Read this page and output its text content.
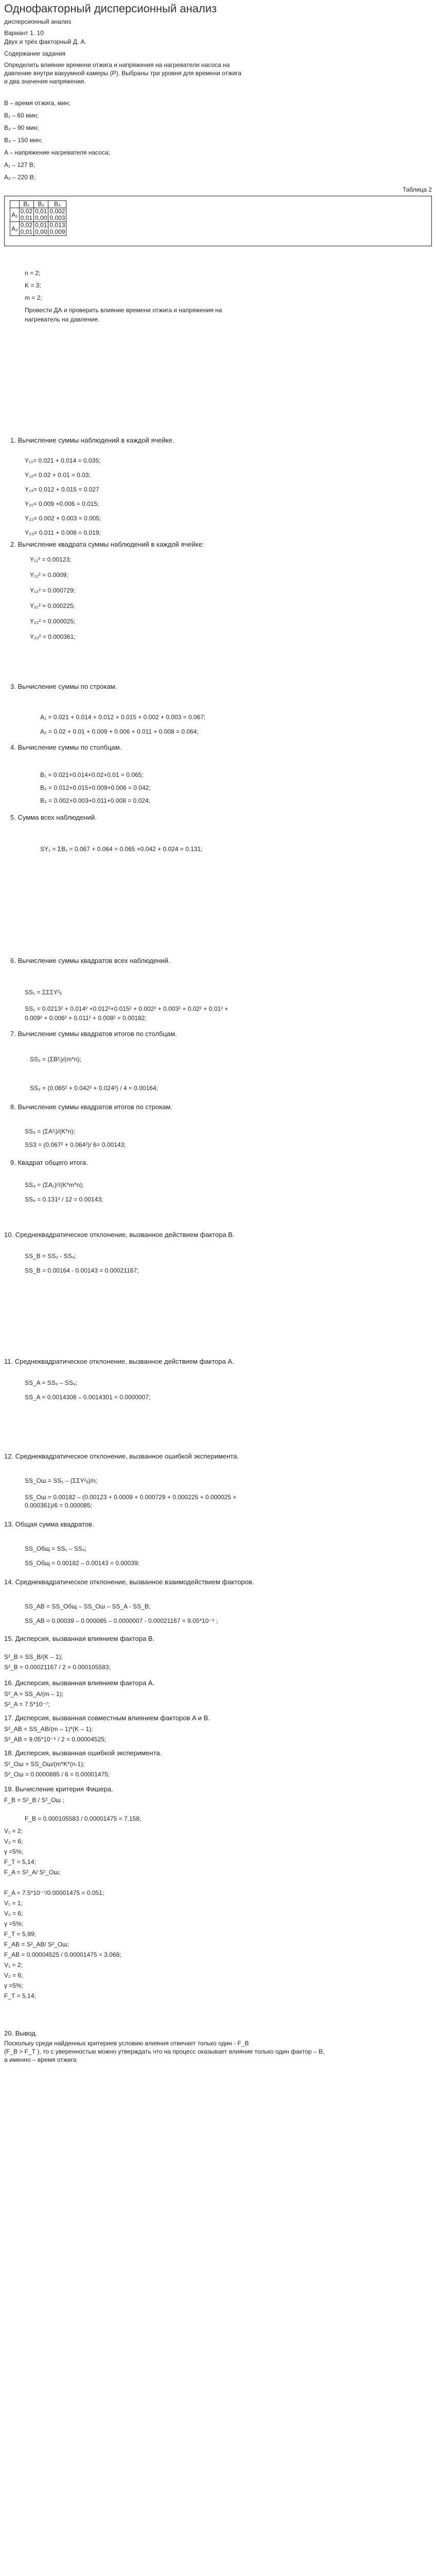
Однофакторный дисперсионный анализ
дисперсионный анализ
Вариант 1. 10
Двух и трёх факторный Д. А.
Содержание задания
Определить влияние времени отжига и напряжения на нагреватели насоса на
давление внутри вакуумной камеры (Р). Выбраны три уровня для времени отжига
и два значения напряжения.
B – время отжига, мин;
B₁ – 60 мин;
B₂ – 90 мин;
B₃ – 150 мин;
A – напряжение нагревателя насоса;
A₁ – 127 В;
A₂ – 220 В;
Таблица 2
	B₁	B₂	B₃
A₁	0,02 0,01	0,01 0,00	0,002 0,003
A₂	0,02 0,01	0,01 0,00	0,013 0,009
n = 2;
K = 3;
m = 2;
Провести ДА и проверить влияние времени отжига и напряжения на
нагреватель на давление.
1. Вычисление суммы наблюдений в каждой ячейке.
Y₁₁= 0.021 + 0.014 = 0.035;
Y₁₂= 0.02 + 0.01 = 0.03;
Y₁₃= 0.012 + 0.015 = 0.027
Y₂₁= 0.009 +0.006 = 0.015;
Y₂₂= 0.002 + 0.003 = 0.005;
Y₂₃= 0.011 + 0.008 = 0.019;
2. Вычисление квадрата суммы наблюдений в каждой ячейке:
Y₁₁² = 0.00123;
Y₁₂² = 0.0009;
Y₁₃² = 0.000729;
Y₂₁² = 0.000225;
Y₂₂² = 0.000025;
Y₂₃² = 0.000361;
3. Вычисление суммы по строкам.
A₁ = 0.021 + 0.014 + 0.012 + 0.015 + 0.002 + 0.003 = 0.067;
A₂ = 0.02 + 0.01 + 0.009 + 0.006 + 0.011 + 0.008 = 0.064;
4. Вычисление суммы по столбцам.
B₁ = 0.021+0.014+0.02+0.01 = 0.065;
B₂ = 0.012+0.015+0.009+0.006 = 0.042;
B₃ = 0.002+0.003+0.011+0.008 = 0.024;
5. Сумма всех наблюдений.
SY₁ = ΣB₁ = 0.067 + 0.064 = 0.065 +0.042 + 0.024 = 0.131;
6. Вычисление суммы квадратов всех наблюдений.
SS₁ = ΣΣΣY²ᵢⱼ
SS₁ = 0.0213² + 0.014² +0.012²+0.015² + 0.002² + 0.003² + 0.02² + 0.01² +
0.009² + 0.006² + 0.011² + 0.008² = 0.00182;
7. Вычисление суммы квадратов итогов по столбцам.
SS₂ = (ΣB²ⱼ)/(m*n);
SS₂ = (0.065² + 0.042² + 0.024²) / 4 = 0.00164;
8. Вычисление суммы квадратов итогов по строкам.
SS₃ = (ΣA²ᵢ)/(K*n);
SS3 = (0.067² + 0.064²)/ 6= 0.00143;
9. Квадрат общего итога.
SS₄ = (ΣA₁)²/(K*m*n);
SS₄ = 0.131² / 12 = 0.00143;
10. Среднеквадратическое отклонение, вызванное действием фактора B.
SS_B = SS₂ - SS₄;
SS_B = 0.00164 - 0.00143 = 0.00021167;
11. Среднеквадратическое отклонение, вызванное действием фактора A.
SS_A = SS₃ – SS₄;
SS_A = 0.0014308 – 0.0014301 = 0.0000007;
12. Среднеквадратическое отклонение, вызванное ошибкой эксперимента.
SS_Ош = SS₁ – (ΣΣY²ᵢⱼ)/n;
SS_Ош = 0.00182 – (0.00123 + 0.0009 + 0.000729 + 0.000225 + 0.000025 +
0.000361)/6 = 0.000085;
13. Общая сумма квадратов.
SS_Общ = SS₁ – SS₄;
SS_Общ = 0.00182 – 0.00143 = 0.00039;
14. Среднеквадратическое отклонение, вызванное взаимодействием факторов.
SS_AB = SS_Общ – SS_Ош – SS_A - SS_B;
SS_AB = 0.00039 – 0.000085 – 0.0000007 - 0.00021167 = 9.05*10⁻⁵ ;
15. Дисперсия, вызванная влиянием фактора B.
S²_B = SS_B/(K – 1);
S²_B = 0.00021167 / 2 = 0.000105583;
16. Дисперсия, вызванная влиянием фактора A.
S²_A = SS_A/(m – 1);
S²_A = 7.5*10⁻⁷;
17. Дисперсия, вызванная совместным влиянием факторов A и B.
S²_AB = SS_AB/(m – 1)*(K – 1);
S²_AB = 9.05*10⁻⁵ / 2 = 0.00004525;
18. Дисперсия, вызванная ошибкой эксперимента.
S²_Ош = SS_Ош/(m*K*(n-1);
S²_Ош = 0.0000885 / 6 = 0.00001475;
19. Вычисление критерия Фишера.
F_B = S²_B / S²_Ош ;
F_B = 0.000105583 / 0.00001475 = 7.158;
V₁ = 2;
V₂ = 6;
γ =5%;
F_Т = 5,14;
F_A = S²_A/ S²_Ош;
F_A = 7.5*10⁻⁷/0.00001475 = 0.051;
V₁ = 1;
V₂ = 6;
γ =5%;
F_Т = 5,99;
F_AB = S²_AB/ S²_Ош;
F_AB = 0.00004525 / 0.00001475 = 3.068;
V₁ = 2;
V₂ = 6;
γ =5%;
F_Т = 5,14;
20. Вывод.
Поскольку среди найденных критериев условию влияния отвечает только один - F_B
(F_B > F_Т ), то с уверенностью можно утверждать что на процесс оказывает влияние только один фактор – B,
а именно – время отжига
